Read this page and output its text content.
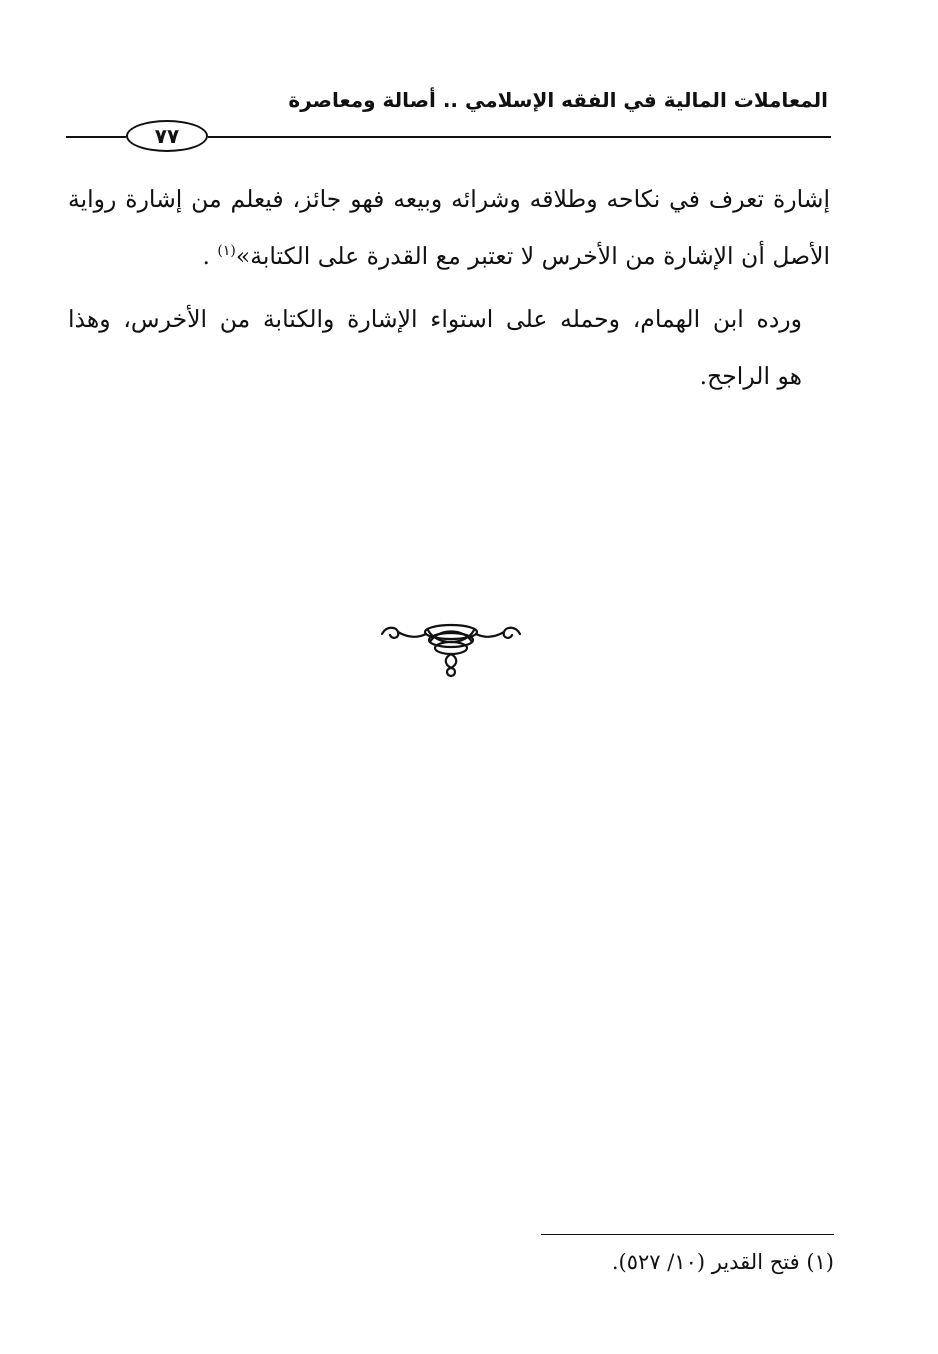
المعاملات المالية في الفقه الإسلامي .. أصالة ومعاصرة
٧٧
إشارة تعرف في نكاحه وطلاقه وشرائه وبيعه فهو جائز، فيعلم من إشارة رواية
الأصل أن الإشارة من الأخرس لا تعتبر مع القدرة على الكتابة»$^{(١)}$ .
ورده ابن الهمام، وحمله على استواء الإشارة والكتابة من الأخرس، وهذا
هو الراجح.
(١) فتح القدير (١٠/ ٥٢٧).
